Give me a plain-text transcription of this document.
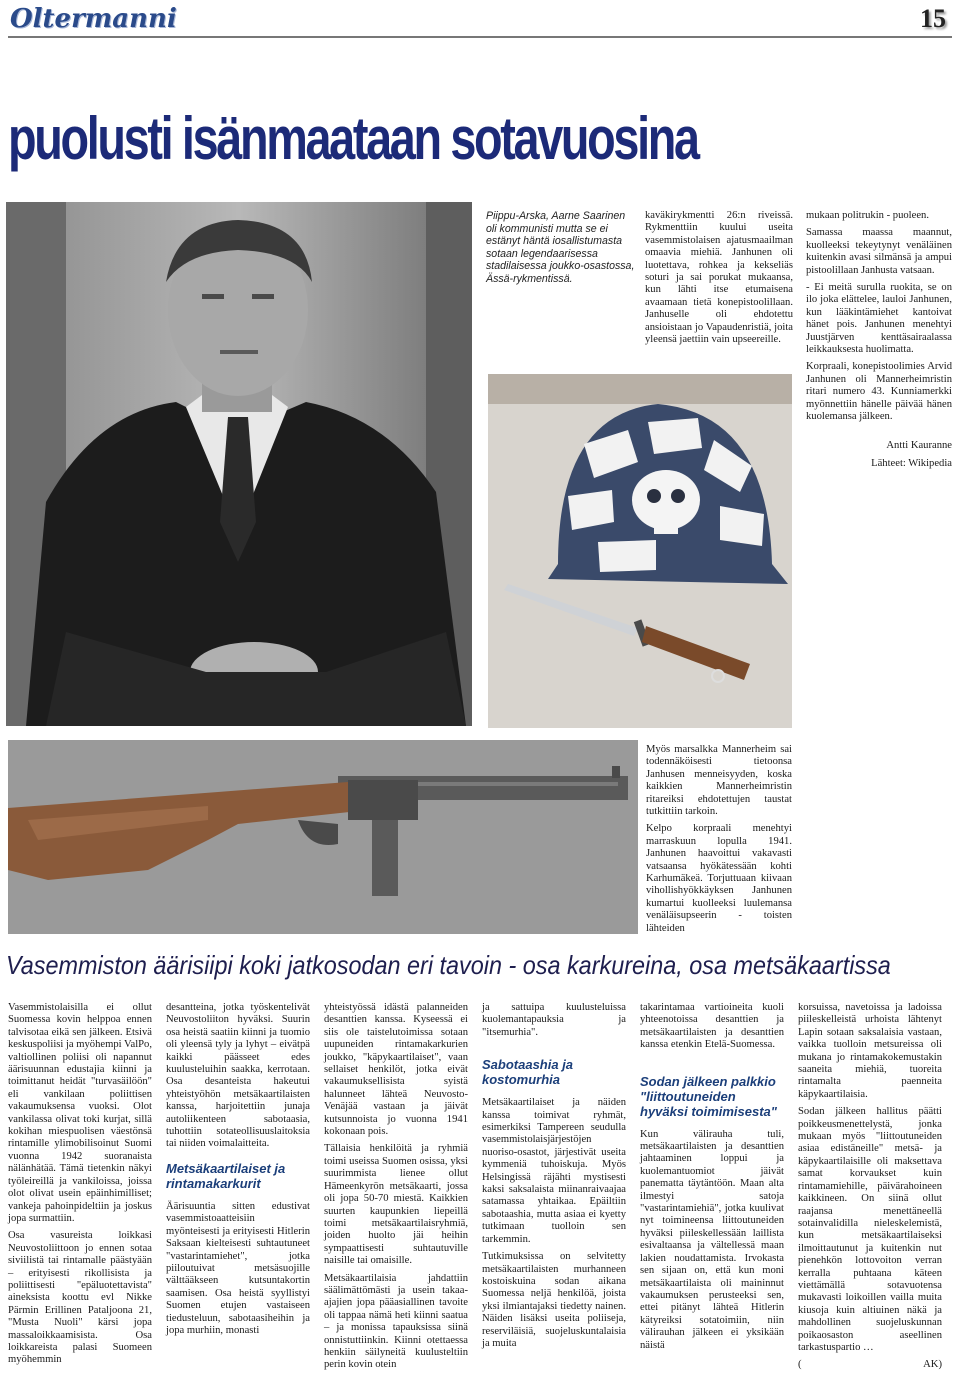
Oltermanni	15
puolusti isänmaataan sotavuosina
Piippu-Arska, Aarne Saarinen oli kommunisti mutta se ei estänyt häntä iosallistumasta sotaan legendaarisessa stadilaisessa joukko-osastossa, Ässä-rykmentissä.

kaväkirykmentti 26:n riveissä. Rykmenttiin kuului useita vasemmistolaisen ajatusmaailman omaavia miehiä. Janhunen oli luotettava, rohkea ja kekseliäs soturi ja sai porukat mukaansa, kun lähti itse etumaisena avaamaan tietä konepistoolillaan. Janhuselle oli ehdotettu ansioistaan jo Vapaudenristiä, joita yleensä jaettiin vain upseereille.

mukaan politrukin - puoleen.

Samassa maassa maannut, kuolleeksi tekeytynyt venäläinen kuitenkin avasi silmänsä ja ampui pistoolillaan Janhusta vatsaan.

- Ei meitä surulla ruokita, se on ilo joka elättelee, lauloi Janhunen, kun lääkintämiehet kantoivat hänet pois. Janhunen menehtyi Juustjärven kenttäsairaalassa leikkauksesta huolimatta.

Korpraali, konepistoolimies Arvid Janhunen oli Mannerheimristin ritari numero 43. Kunniamerkki myönnettiin hänelle päivää hänen kuolemansa jälkeen.

Antti Kauranne

Lähteet: Wikipedia

Myös marsalkka Mannerheim sai todennäköisesti tietoonsa Janhusen menneisyyden, koska kaikkien Mannerheimristin ritareiksi ehdotettujen taustat tutkittiin tarkoin.

Kelpo korpraali menehtyi marraskuun lopulla 1941. Janhunen haavoittui vakavasti vatsaansa hyökätessään kohti Karhumäkeä. Torjuttuaan kiivaan vihollishyökkäyksen Janhunen kumartui kuolleeksi luulemansa venäläisupseerin - toisten lähteiden

Vasemmiston äärisiipi koki jatkosodan eri tavoin - osa karkureina, osa metsäkaartissa

Vasemmistolaisilla ei ollut Suomessa kovin helppoa ennen talvisotaa eikä sen jälkeen. Etsivä keskuspoliisi ja myöhempi ValPo, valtiollinen poliisi oli napannut äärisuunnan edustajia kiinni ja toimittanut heidät "turvasäilöön" eli vankilaan poliittisen vakaumuksensa vuoksi. Olot vankilassa olivat toki kurjat, sillä kokihan miespuolisen väestönsä rintamille ylimobilisoinut Suomi vuonna 1942 suoranaista nälänhätää. Tämä tietenkin näkyi työleireillä ja vankiloissa, joissa olot olivat usein epäinhimilliset; vankeja pahoinpideltiin ja joskus jopa surmattiin.

Osa vasureista loikkasi Neuvostoliittoon jo ennen sotaa siviilistä tai rintamalle päästyään – erityisesti rikollisista ja poliittisesti "epäluotettavista" aineksista koottu evl Nikke Pärmin Erillinen Pataljoona 21, "Musta Nuoli" kärsi jopa massaloikkaamisista. Osa loikkareista palasi Suomeen myöhemmin

desantteina, jotka työskentelivät Neuvostoliiton hyväksi. Suurin osa heistä saatiin kiinni ja tuomio oli yleensä tyly ja lyhyt – eivätpä kaikki päässeet edes kuulusteluihin saakka, kerrotaan. Osa desanteista hakeutui yhteistyöhön metsäkaartilaisten kanssa, harjoitettiin junaja autoliikenteen sabotaasia, tuhottiin sotateollisuuslaitoksia tai niiden voimalaitteita.

Metsäkaartilaiset ja rintamakarkurit

Äärisuuntia sitten edustivat vasemmistoaatteisiin myönteisesti ja erityisesti Hitlerin Saksaan kielteisesti suhtautuneet "vastarintamiehet", jotka piiloutuivat metsäsuojille välttääkseen kutsuntakortin saamisen. Osa heistä syyllistyi Suomen etujen vastaiseen tiedusteluun, sabotaasiheihin ja jopa murhiin, monasti

yhteistyössä idästä palanneiden desanttien kanssa. Kyseessä ei siis ole taistelutoimissa sotaan uupuneiden rintamakarkurien joukko, "käpykaartilaiset", vaan sellaiset henkilöt, jotka eivät vakaumuksellisista syistä halunneet lähteä Neuvosto-Venäjää vastaan ja jäivät kutsunnoista jo vuonna 1941 kokonaan pois.

Tällaisia henkilöitä ja ryhmiä toimi useissa Suomen osissa, yksi suurimmista lienee ollut Hämeenkyrön metsäkaarti, jossa oli jopa 50-70 miestä. Kaikkien suurten kaupunkien liepeillä toimi metsäkaartilaisryhmiä, joiden huolto jäi heihin sympaattisesti suhtautuville naisille tai omaisille.

Metsäkaartilaisia jahdattiin säälimättömästi ja usein takaa-ajajien jopa pääasiallinen tavoite oli tappaa nämä heti kiinni saatua – ja monissa tapauksissa siinä onnistuttiinkin. Kiinni otettaessa henkiin säilyneitä kuulusteltiin perin kovin otein

ja sattuipa kuulusteluissa kuolemantapauksia ja "itsemurhia".

Sabotaashia ja kostomurhia

Metsäkaartilaiset ja näiden kanssa toimivat ryhmät, esimerkiksi Tampereen seudulla vasemmistolaisjärjestöjen nuoriso-osastot, järjestivät useita kymmeniä tuhoiskuja. Myös Helsingissä räjähti mystisesti kaksi saksalaista miinanraivaajaa satamassa yhtaikaa. Epäiltiin sabotaashia, mutta asiaa ei kyetty tutkimaan tuolloin sen tarkemmin.

Tutkimuksissa on selvitetty metsäkaartilaisten murhanneen kostoiskuina sodan aikana Suomessa neljä henkilöä, joista yksi ilmiantajaksi tiedetty nainen. Näiden lisäksi useita poliiseja, reserviläisiä, suojeluskuntalaisia ja muita

takarintamaa vartioineita kuoli yhteenotoissa desanttien ja metsäkaartilaisten ja desanttien kanssa etenkin Etelä-Suomessa.

Sodan jälkeen palkkio "liittoutuneiden hyväksi toimimisesta"

Kun välirauha tuli, metsäkaartilaisten ja desanttien jahtaaminen loppui ja kuolemantuomiot jäivät panematta täytäntöön. Maan alta ilmestyi satoja "vastarintamiehiä", jotka kuulivat nyt toimineensa liittoutuneiden hyväksi piileskellessään laillista esivaltaansa ja vältellessä maan lakien noudattamista. Irvokasta sen sijaan on, että kun moni metsäkaartilaista oli maininnut vakaumuksen perusteeksi sen, ettei pitänyt lähteä Hitlerin kätyreiksi sotatoimiin, niin välirauhan jälkeen ei yksikään näistä

korsuissa, navetoissa ja ladoissa piileskelleistä urhoista lähtenyt Lapin sotaan saksalaisia vastaan, vaikka tuolloin metsureissa oli mukana jo rintamakokemustakin saaneita miehiä, tuoreita rintamalta paenneita käpykaartilaisia.

Sodan jälkeen hallitus päätti poikkeusmenettelystä, jonka mukaan myös "liittoutuneiden asiaa edistäneille" metsä- ja käpykaartilaisille oli maksettava samat korvaukset kuin rintamamiehille, päivärahoineen kaikkineen. On siinä ollut raajansa menettäneellä sotainvalidilla nieleskelemistä, kun metsäkaartilaiseksi ilmoittautunut ja kuitenkin nut pienehkön lottovoiton verran kerralla puhtaana käteen viettämällä sotavuotensa mukavasti loikoillen vailla muita kiusoja kuin altiuinen näkä ja mahdollinen suojeluskunnan poikaosaston aseellinen tarkastuspartio …

(	AK)
